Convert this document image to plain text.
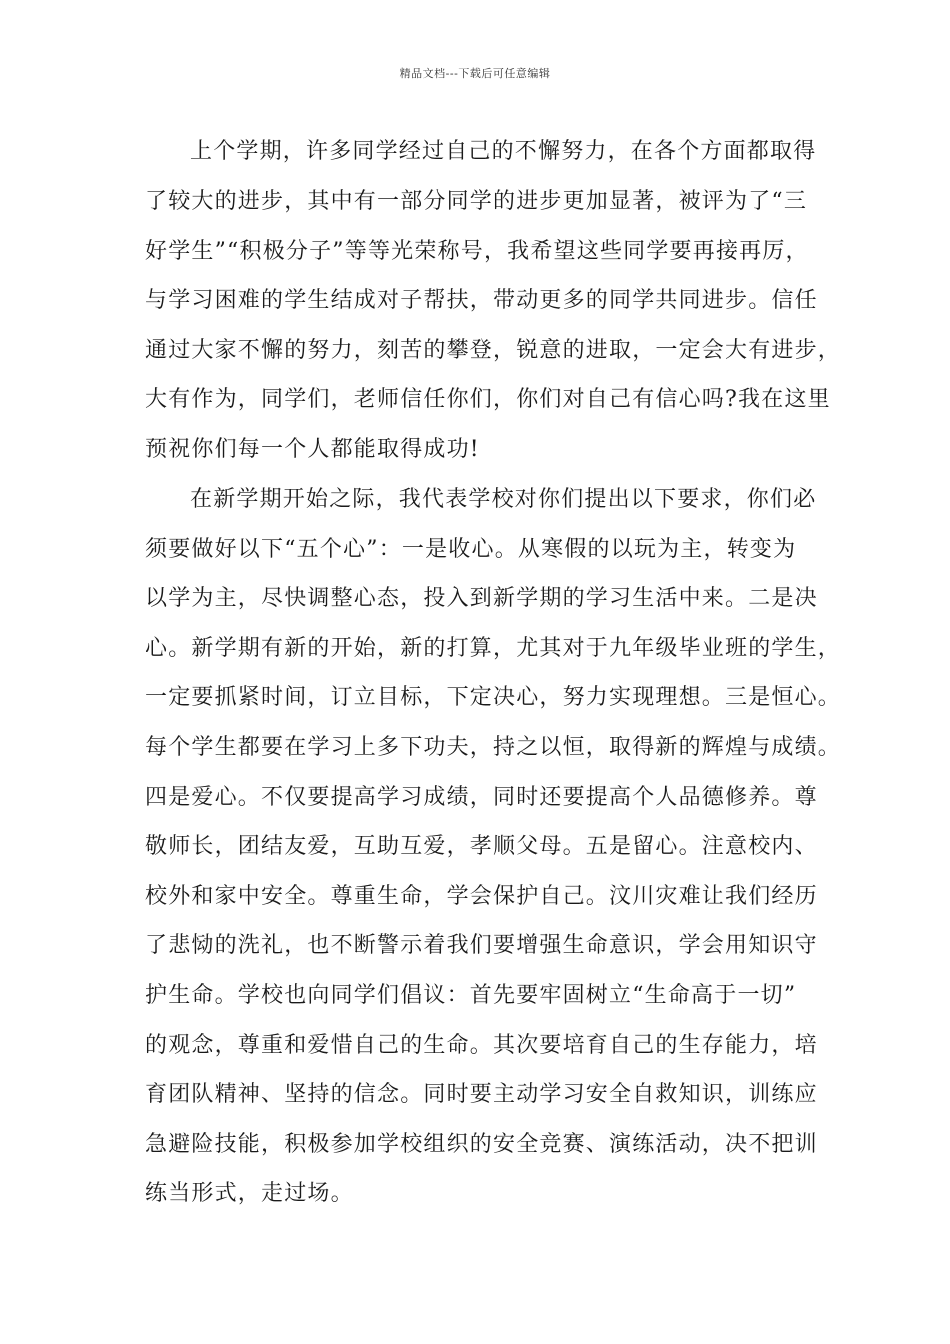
精品文档---下载后可任意编辑
上个学期，许多同学经过自己的不懈努力，在各个方面都取得
了较大的进步，其中有一部分同学的进步更加显著，被评为了“三
好学生”“积极分子”等等光荣称号，我希望这些同学要再接再厉，
与学习困难的学生结成对子帮扶，带动更多的同学共同进步。信任
通过大家不懈的努力，刻苦的攀登，锐意的进取，一定会大有进步，
大有作为，同学们，老师信任你们，你们对自己有信心吗?我在这里
预祝你们每一个人都能取得成功!
在新学期开始之际，我代表学校对你们提出以下要求，你们必
须要做好以下“五个心”：一是收心。从寒假的以玩为主，转变为
以学为主，尽快调整心态，投入到新学期的学习生活中来。二是决
心。新学期有新的开始，新的打算，尤其对于九年级毕业班的学生，
一定要抓紧时间，订立目标，下定决心，努力实现理想。三是恒心。
每个学生都要在学习上多下功夫，持之以恒，取得新的辉煌与成绩。
四是爱心。不仅要提高学习成绩，同时还要提高个人品德修养。尊
敬师长，团结友爱，互助互爱，孝顺父母。五是留心。注意校内、
校外和家中安全。尊重生命，学会保护自己。汶川灾难让我们经历
了悲恸的洗礼，也不断警示着我们要增强生命意识，学会用知识守
护生命。学校也向同学们倡议：首先要牢固树立“生命高于一切”
的观念，尊重和爱惜自己的生命。其次要培育自己的生存能力，培
育团队精神、坚持的信念。同时要主动学习安全自救知识，训练应
急避险技能，积极参加学校组织的安全竞赛、演练活动，决不把训
练当形式，走过场。
